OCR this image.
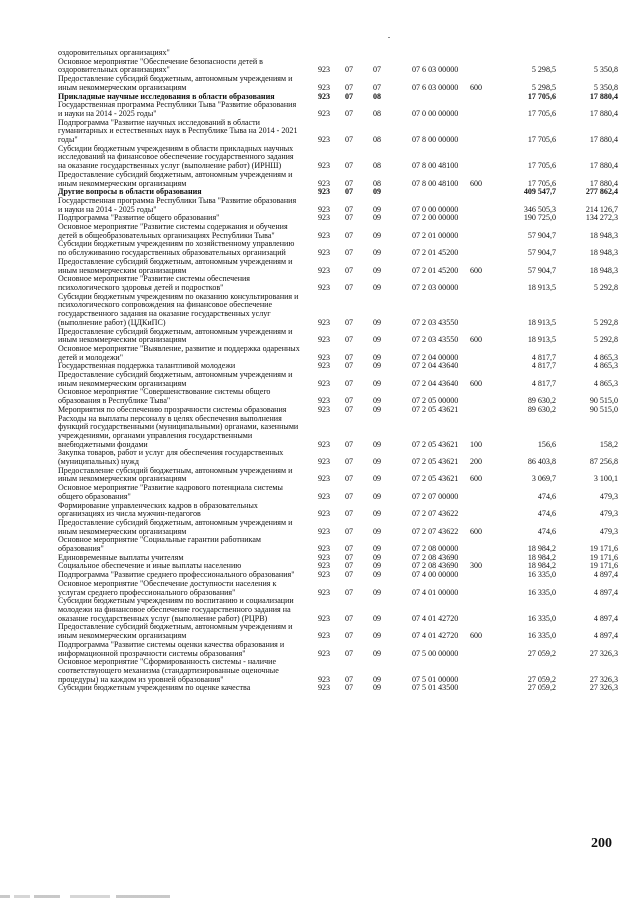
оздоровительных организациях"
Основное мероприятие "Обеспечение безопасности детей в оздоровительных организациях"	923	07	07	07 6 03 00000	5 298,5	5 350,8
Предоставление субсидий бюджетным, автономным учреждениям и иным некоммерческим организациям	923	07	07	07 6 03 00000	600	5 298,5	5 350,8
Прикладные научные исследования в области образования	923	07	08	17 705,6	17 880,4
Государственная программа Республики Тыва "Развитие образования и науки на 2014 - 2025 годы"	923	07	08	07 0 00 00000	17 705,6	17 880,4
Подпрограмма "Развитие научных исследований в области гуманитарных и естественных наук в Республике Тыва на 2014 - 2021 годы"	923	07	08	07 8 00 00000	17 705,6	17 880,4
Субсидии бюджетным учреждениям в области прикладных научных исследований на финансовое обеспечение государственного задания на оказание государственных услуг (выполнение работ) (ИРНШ)	923	07	08	07 8 00 48100	17 705,6	17 880,4
Предоставление субсидий бюджетным, автономным учреждениям и иным некоммерческим организациям	923	07	08	07 8 00 48100	600	17 705,6	17 880,4
Другие вопросы в области образования	923	07	09	409 547,7	277 862,4
Государственная программа Республики Тыва "Развитие образования и науки на 2014 - 2025 годы"	923	07	09	07 0 00 00000	346 505,3	214 126,7
Подпрограмма "Развитие общего образования"	923	07	09	07 2 00 00000	190 725,0	134 272,3
Основное мероприятие "Развитие системы содержания и обучения детей в общеобразовательных организациях Республики Тыва"	923	07	09	07 2 01 00000	57 904,7	18 948,3
Субсидии бюджетным учреждениям по хозяйственному управлению по обслуживанию государственных образовательных организаций	923	07	09	07 2 01 45200	57 904,7	18 948,3
Предоставление субсидий бюджетным, автономным учреждениям и иным некоммерческим организациям	923	07	09	07 2 01 45200	600	57 904,7	18 948,3
Основное мероприятие "Развитие системы обеспечения психологического здоровья детей и подростков"	923	07	09	07 2 03 00000	18 913,5	5 292,8
Субсидии бюджетным учреждениям по оказанию консультирования и психологического сопровождения на финансовое обеспечение государственного задания на оказание государственных услуг (выполнение работ) (ЦДКиПС)	923	07	09	07 2 03 43550	18 913,5	5 292,8
Предоставление субсидий бюджетным, автономным учреждениям и иным некоммерческим организациям	923	07	09	07 2 03 43550	600	18 913,5	5 292,8
Основное мероприятие "Выявление, развитие и поддержка одаренных детей и молодежи"	923	07	09	07 2 04 00000	4 817,7	4 865,3
Государственная поддержка талантливой молодежи	923	07	09	07 2 04 43640	4 817,7	4 865,3
Предоставление субсидий бюджетным, автономным учреждениям и иным некоммерческим организациям	923	07	09	07 2 04 43640	600	4 817,7	4 865,3
Основное мероприятие "Совершенствование системы общего образования в Республике Тыва"	923	07	09	07 2 05 00000	89 630,2	90 515,0
Мероприятия по обеспечению прозрачности системы образования	923	07	09	07 2 05 43621	89 630,2	90 515,0
Расходы на выплаты персоналу в целях обеспечения выполнения функций государственными (муниципальными) органами, казенными учреждениями, органами управления государственными внебюджетными фондами	923	07	09	07 2 05 43621	100	156,6	158,2
Закупка товаров, работ и услуг для обеспечения государственных (муниципальных) нужд	923	07	09	07 2 05 43621	200	86 403,8	87 256,8
Предоставление субсидий бюджетным, автономным учреждениям и иным некоммерческим организациям	923	07	09	07 2 05 43621	600	3 069,7	3 100,1
Основное мероприятие "Развитие кадрового потенциала системы общего образования"	923	07	09	07 2 07 00000	474,6	479,3
Формирование управленческих кадров в образовательных организациях из числа мужчин-педагогов	923	07	09	07 2 07 43622	474,6	479,3
Предоставление субсидий бюджетным, автономным учреждениям и иным некоммерческим организациям	923	07	09	07 2 07 43622	600	474,6	479,3
Основное мероприятие "Социальные гарантии работникам образования"	923	07	09	07 2 08 00000	18 984,2	19 171,6
Единовременные выплаты учителям	923	07	09	07 2 08 43690	18 984,2	19 171,6
Социальное обеспечение и иные выплаты населению	923	07	09	07 2 08 43690	300	18 984,2	19 171,6
Подпрограмма "Развитие среднего профессионального образования"	923	07	09	07 4 00 00000	16 335,0	4 897,4
Основное мероприятие "Обеспечение доступности населения к услугам среднего профессионального образования"	923	07	09	07 4 01 00000	16 335,0	4 897,4
Субсидии бюджетным учреждениям по воспитанию и социализации молодежи на финансовое обеспечение государственного задания на оказание государственных услуг (выполнение работ) (РЦРВ)	923	07	09	07 4 01 42720	16 335,0	4 897,4
Предоставление субсидий бюджетным, автономным учреждениям и иным некоммерческим организациям	923	07	09	07 4 01 42720	600	16 335,0	4 897,4
Подпрограмма "Развитие системы оценки качества образования и информационной прозрачности системы образования"	923	07	09	07 5 00 00000	27 059,2	27 326,3
Основное мероприятие "Сформированность системы - наличие соответствующего механизма (стандартизированные оценочные процедуры) на каждом из уровней образования"	923	07	09	07 5 01 00000	27 059,2	27 326,3
Субсидии бюджетным учреждениям по оценке качества	923	07	09	07 5 01 43500	27 059,2	27 326,3
200
